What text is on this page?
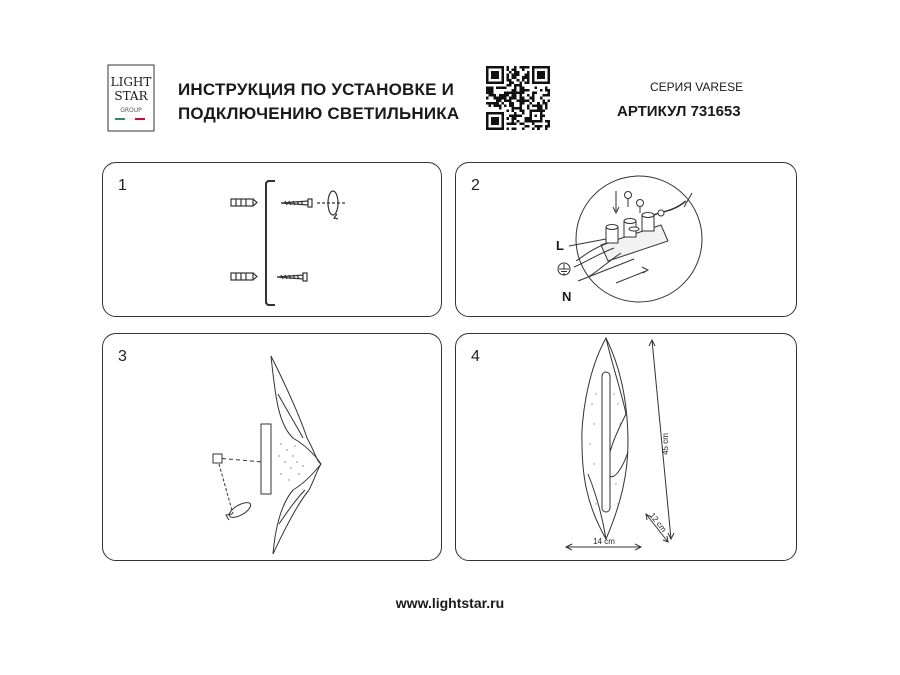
LIGHT
STAR
GROUP
ИНСТРУКЦИЯ ПО УСТАНОВКЕ И
ПОДКЛЮЧЕНИЮ СВЕТИЛЬНИКА
СЕРИЯ VARESE
АРТИКУЛ 731653
1	2
L
N
3	4
45 cm
14 cm
12 cm
www.lightstar.ru
